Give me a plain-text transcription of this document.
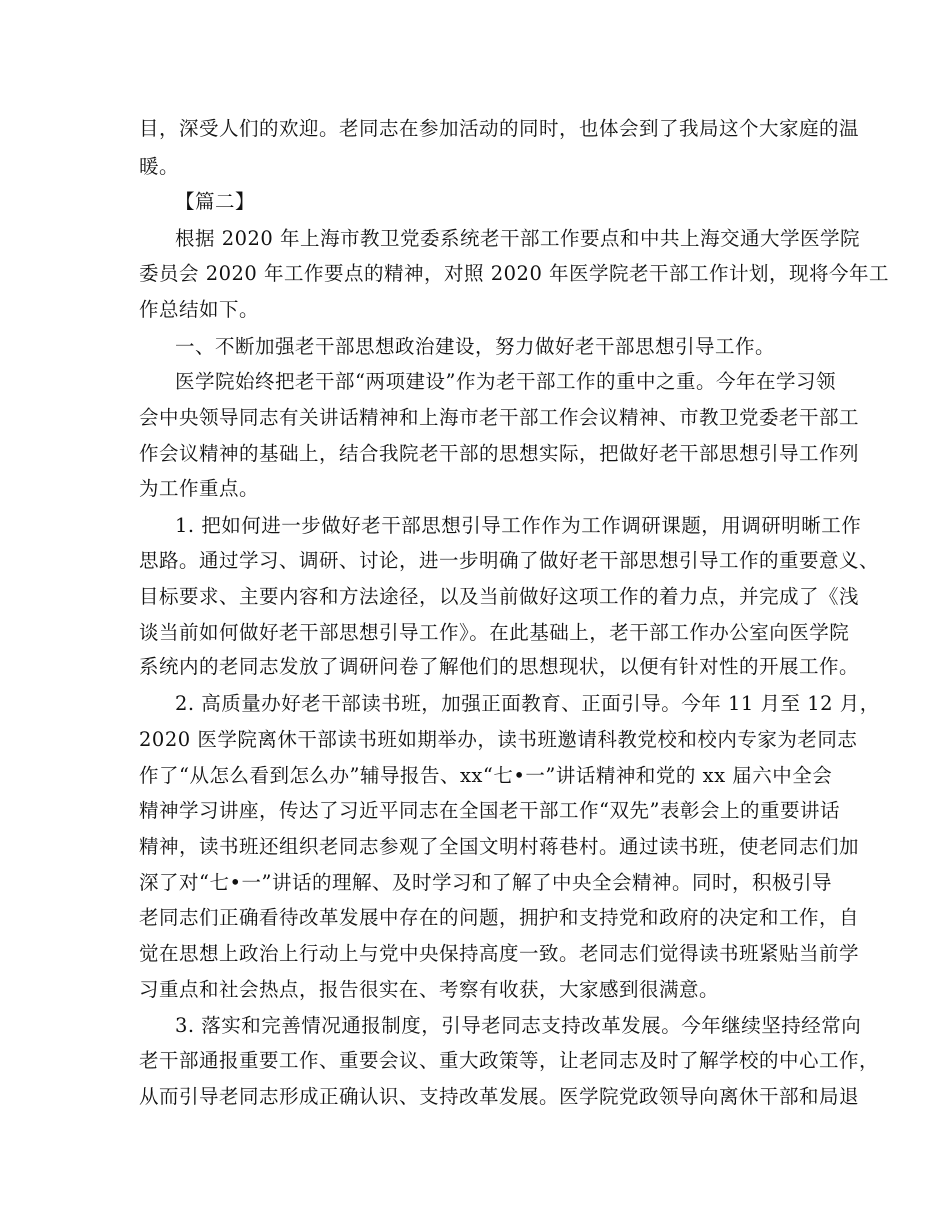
目，深受人们的欢迎。老同志在参加活动的同时，也体会到了我局这个大家庭的温
暖。
【篇二】
根据 2020 年上海市教卫党委系统老干部工作要点和中共上海交通大学医学院
委员会 2020 年工作要点的精神，对照 2020 年医学院老干部工作计划，现将今年工
作总结如下。
一、不断加强老干部思想政治建设，努力做好老干部思想引导工作。
医学院始终把老干部“两项建设”作为老干部工作的重中之重。今年在学习领
会中央领导同志有关讲话精神和上海市老干部工作会议精神、市教卫党委老干部工
作会议精神的基础上，结合我院老干部的思想实际，把做好老干部思想引导工作列
为工作重点。
1. 把如何进一步做好老干部思想引导工作作为工作调研课题，用调研明晰工作
思路。通过学习、调研、讨论，进一步明确了做好老干部思想引导工作的重要意义、
目标要求、主要内容和方法途径，以及当前做好这项工作的着力点，并完成了《浅
谈当前如何做好老干部思想引导工作》。在此基础上，老干部工作办公室向医学院
系统内的老同志发放了调研问卷了解他们的思想现状，以便有针对性的开展工作。
2. 高质量办好老干部读书班，加强正面教育、正面引导。今年 11 月至 12 月，
2020 医学院离休干部读书班如期举办，读书班邀请科教党校和校内专家为老同志
作了“从怎么看到怎么办”辅导报告、xx“七•一”讲话精神和党的 xx 届六中全会
精神学习讲座，传达了习近平同志在全国老干部工作“双先”表彰会上的重要讲话
精神，读书班还组织老同志参观了全国文明村蒋巷村。通过读书班，使老同志们加
深了对“七•一”讲话的理解、及时学习和了解了中央全会精神。同时，积极引导
老同志们正确看待改革发展中存在的问题，拥护和支持党和政府的决定和工作，自
觉在思想上政治上行动上与党中央保持高度一致。老同志们觉得读书班紧贴当前学
习重点和社会热点，报告很实在、考察有收获，大家感到很满意。
3. 落实和完善情况通报制度，引导老同志支持改革发展。今年继续坚持经常向
老干部通报重要工作、重要会议、重大政策等，让老同志及时了解学校的中心工作，
从而引导老同志形成正确认识、支持改革发展。医学院党政领导向离休干部和局退
